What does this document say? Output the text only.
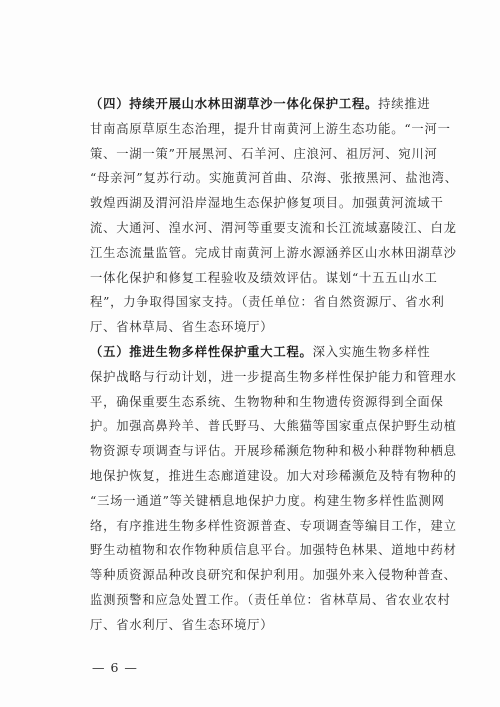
（四）持续开展山水林田湖草沙一体化保护工程。持续推进
甘南高原草原生态治理，提升甘南黄河上游生态功能。“一河一
策、一湖一策”开展黑河、石羊河、庄浪河、祖厉河、宛川河
“母亲河”复苏行动。实施黄河首曲、尕海、张掖黑河、盐池湾、
敦煌西湖及渭河沿岸湿地生态保护修复项目。加强黄河流域干
流、大通河、湟水河、渭河等重要支流和长江流域嘉陵江、白龙
江生态流量监管。完成甘南黄河上游水源涵养区山水林田湖草沙
一体化保护和修复工程验收及绩效评估。谋划“十五五山水工
程”，力争取得国家支持。（责任单位：省自然资源厅、省水利
厅、省林草局、省生态环境厅）
（五）推进生物多样性保护重大工程。深入实施生物多样性
保护战略与行动计划，进一步提高生物多样性保护能力和管理水
平，确保重要生态系统、生物物种和生物遗传资源得到全面保
护。加强高鼻羚羊、普氏野马、大熊猫等国家重点保护野生动植
物资源专项调查与评估。开展珍稀濒危物种和极小种群物种栖息
地保护恢复，推进生态廊道建设。加大对珍稀濒危及特有物种的
“三场一通道”等关键栖息地保护力度。构建生物多样性监测网
络，有序推进生物多样性资源普查、专项调查等编目工作，建立
野生动植物和农作物种质信息平台。加强特色林果、道地中药材
等种质资源品种改良研究和保护利用。加强外来入侵物种普查、
监测预警和应急处置工作。（责任单位：省林草局、省农业农村
厅、省水利厅、省生态环境厅）
— 6 —
